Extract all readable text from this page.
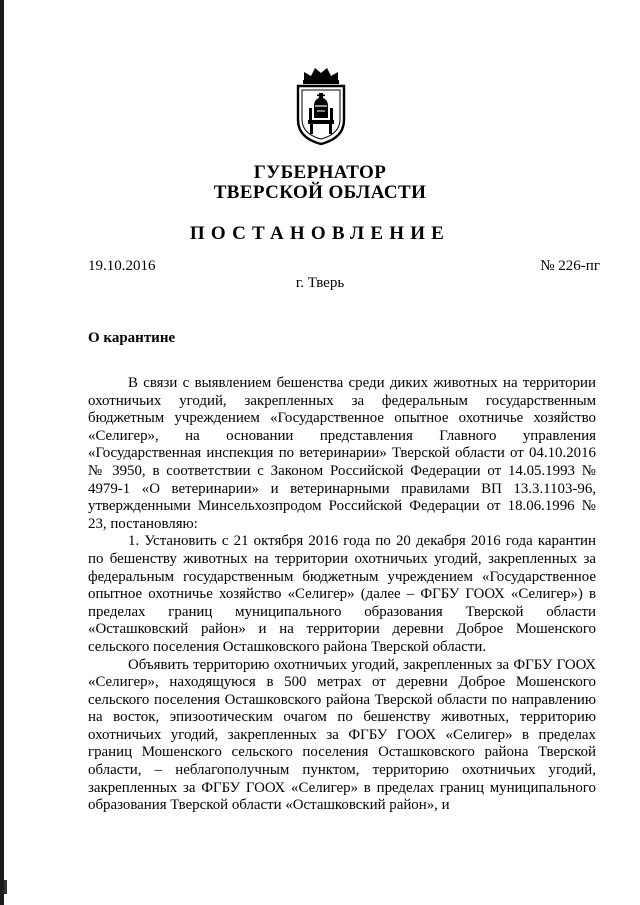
ГУБЕРНАТОР
ТВЕРСКОЙ ОБЛАСТИ
ПОСТАНОВЛЕНИЕ
19.10.2016	№ 226-пг
г. Тверь
О карантине

В связи с выявлением бешенства среди диких животных на территории охотничьих угодий, закрепленных за федеральным государственным бюджетным учреждением «Государственное опытное охотничье хозяйство «Селигер», на основании представления Главного управления «Государственная инспекция по ветеринарии» Тверской области от 04.10.2016 № 3950, в соответствии с Законом Российской Федерации от 14.05.1993 № 4979-1 «О ветеринарии» и ветеринарными правилами ВП 13.3.1103-96, утвержденными Минсельхозпродом Российской Федерации от 18.06.1996 № 23, постановляю:

1. Установить с 21 октября 2016 года по 20 декабря 2016 года карантин по бешенству животных на территории охотничьих угодий, закрепленных за федеральным государственным бюджетным учреждением «Государственное опытное охотничье хозяйство «Селигер» (далее – ФГБУ ГООХ «Селигер») в пределах границ муниципального образования Тверской области «Осташковский район» и на территории деревни Доброе Мошенского сельского поселения Осташковского района Тверской области.

Объявить территорию охотничьих угодий, закрепленных за ФГБУ ГООХ «Селигер», находящуюся в 500 метрах от деревни Доброе Мошенского сельского поселения Осташковского района Тверской области по направлению на восток, эпизоотическим очагом по бешенству животных, территорию охотничьих угодий, закрепленных за ФГБУ ГООХ «Селигер» в пределах границ Мошенского сельского поселения Осташковского района Тверской области, – неблагополучным пунктом, территорию охотничьих угодий, закрепленных за ФГБУ ГООХ «Селигер» в пределах границ муниципального образования Тверской области «Осташковский район», и
